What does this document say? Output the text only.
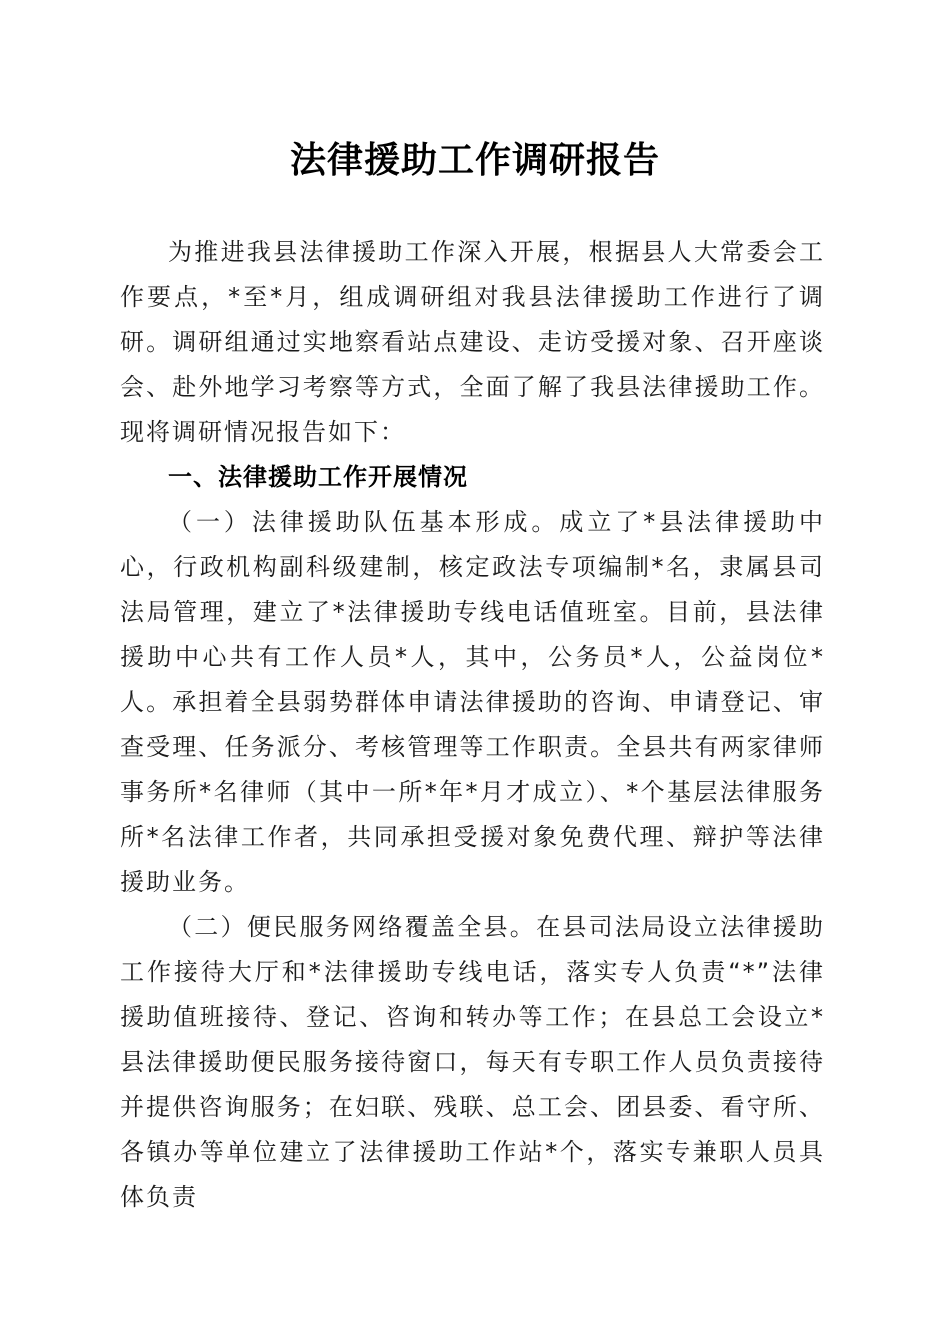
法律援助工作调研报告

为推进我县法律援助工作深入开展，根据县人大常委会工作要点，*至*月，组成调研组对我县法律援助工作进行了调研。调研组通过实地察看站点建设、走访受援对象、召开座谈会、赴外地学习考察等方式，全面了解了我县法律援助工作。现将调研情况报告如下：

一、法律援助工作开展情况

（一）法律援助队伍基本形成。成立了*县法律援助中心，行政机构副科级建制，核定政法专项编制*名，隶属县司法局管理，建立了*法律援助专线电话值班室。目前，县法律援助中心共有工作人员*人，其中，公务员*人，公益岗位*人。承担着全县弱势群体申请法律援助的咨询、申请登记、审查受理、任务派分、考核管理等工作职责。全县共有两家律师事务所*名律师（其中一所*年*月才成立）、*个基层法律服务所*名法律工作者，共同承担受援对象免费代理、辩护等法律援助业务。

（二）便民服务网络覆盖全县。在县司法局设立法律援助工作接待大厅和*法律援助专线电话，落实专人负责“*”法律援助值班接待、登记、咨询和转办等工作；在县总工会设立*县法律援助便民服务接待窗口，每天有专职工作人员负责接待并提供咨询服务；在妇联、残联、总工会、团县委、看守所、各镇办等单位建立了法律援助工作站*个，落实专兼职人员具体负责
